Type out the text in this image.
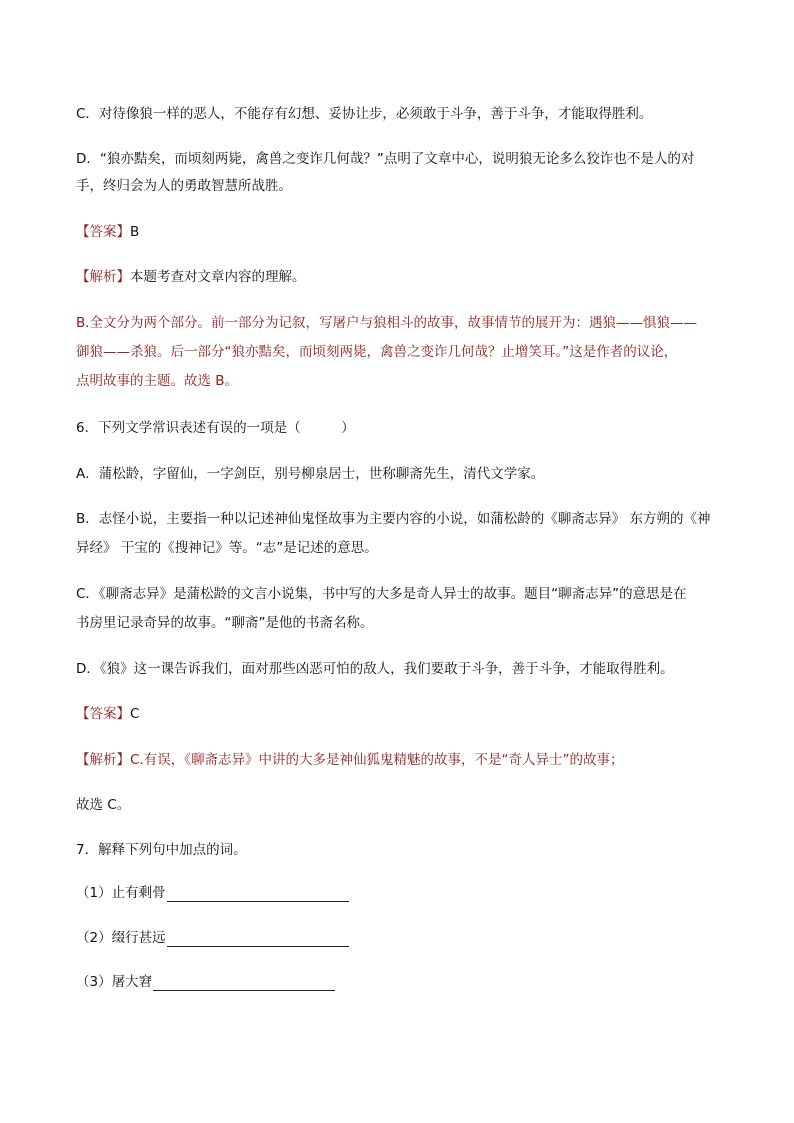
C．对待像狼一样的恶人，不能存有幻想、妥协让步，必须敢于斗争，善于斗争，才能取得胜利。
D．“狼亦黠矣，而顷刻两毙，禽兽之变诈几何哉？”点明了文章中心，说明狼无论多么狡诈也不是人的对
手，终归会为人的勇敢智慧所战胜。
【答案】B
【解析】本题考查对文章内容的理解。
B.全文分为两个部分。前一部分为记叙，写屠户与狼相斗的故事，故事情节的展开为：遇狼——惧狼——
御狼——杀狼。后一部分“狼亦黠矣，而顷刻两毙，禽兽之变诈几何哉？止增笑耳。”这是作者的议论，
点明故事的主题。故选 B。
6．下列文学常识表述有误的一项是（　　　）
A．蒲松龄，字留仙，一字剑臣，别号柳泉居士，世称聊斋先生，清代文学家。
B．志怪小说，主要指一种以记述神仙鬼怪故事为主要内容的小说，如蒲松龄的《聊斋志异》 东方朔的《神
异经》 干宝的《搜神记》等。“志”是记述的意思。
C．《聊斋志异》是蒲松龄的文言小说集，书中写的大多是奇人异士的故事。题目“聊斋志异”的意思是在
书房里记录奇异的故事。“聊斋”是他的书斋名称。
D．《狼》这一课告诉我们，面对那些凶恶可怕的敌人，我们要敢于斗争，善于斗争，才能取得胜利。
【答案】C
【解析】C.有误，《聊斋志异》中讲的大多是神仙狐鬼精魅的故事，不是“奇人异士”的故事；
故选 C。
7．解释下列句中加点的词。
（1）止有剩骨
（2）缀行甚远
（3）屠大窘
